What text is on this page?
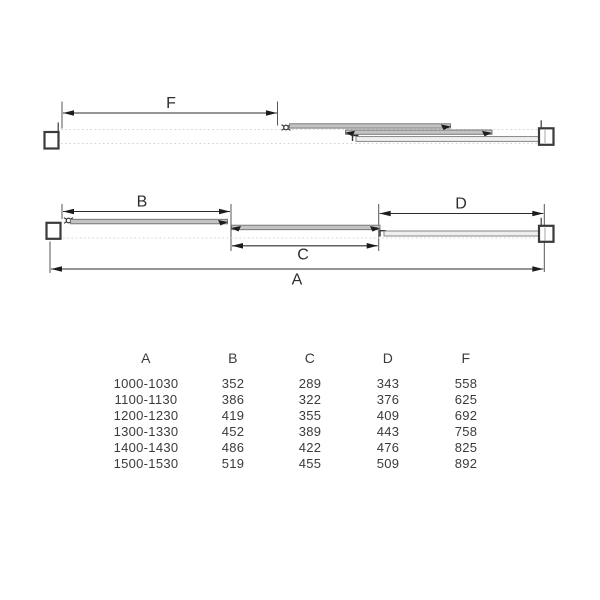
F
B	D
C
A
A	B	C	D	F
1000-1030	352	289	343	558
1100-1130	386	322	376	625
1200-1230	419	355	409	692
1300-1330	452	389	443	758
1400-1430	486	422	476	825
1500-1530	519	455	509	892
